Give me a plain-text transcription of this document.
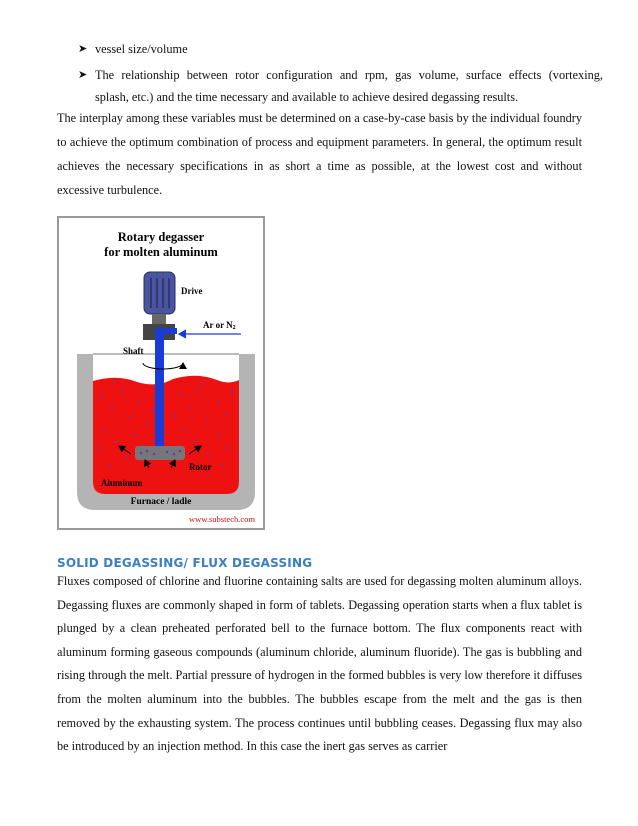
➤ vessel size/volume
➤ The relationship between rotor configuration and rpm, gas volume, surface effects (vortexing,
splash, etc.) and the time necessary and available to achieve desired degassing results.

The interplay among these variables must be determined on a case-by-case basis by the individual foundry to achieve the optimum combination of process and equipment parameters. In general, the optimum result achieves the necessary specifications in as short a time as possible, at the lowest cost and without excessive turbulence.

Rotary degasser
for molten aluminum
Drive
Ar or N2
Shaft
Rotor
Aluminum
Furnace / ladle
www.substech.com
SOLID DEGASSING/ FLUX DEGASSING

Fluxes composed of chlorine and fluorine containing salts are used for degassing molten aluminum alloys. Degassing fluxes are commonly shaped in form of tablets. Degassing operation starts when a flux tablet is plunged by a clean preheated perforated bell to the furnace bottom. The flux components react with aluminum forming gaseous compounds (aluminum chloride, aluminum fluoride). The gas is bubbling and rising through the melt. Partial pressure of hydrogen in the formed bubbles is very low therefore it diffuses from the molten aluminum into the bubbles. The bubbles escape from the melt and the gas is then removed by the exhausting system. The process continues until bubbling ceases. Degassing flux may also be introduced by an injection method. In this case the inert gas serves as carrier
